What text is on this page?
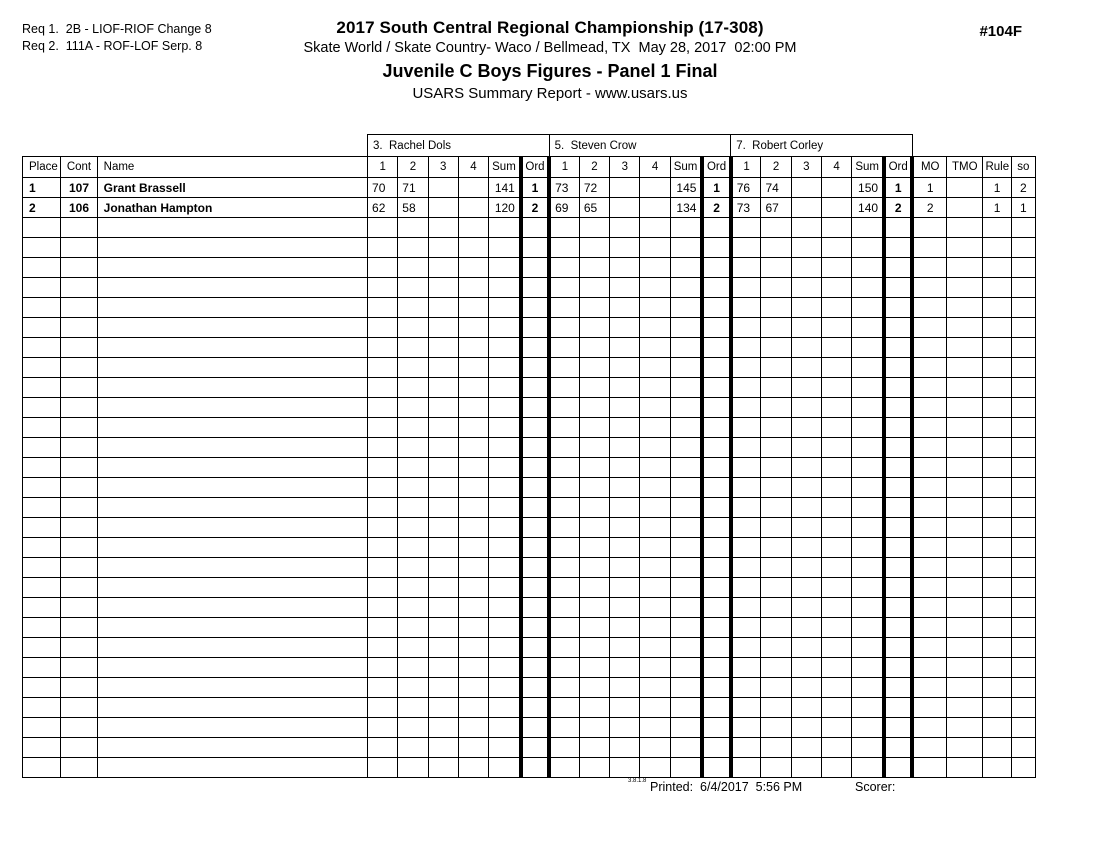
Req 1.  2B - LIOF-RIOF Change 8
Req 2.  111A - ROF-LOF Serp. 8
2017 South Central Regional Championship (17-308)
Skate World / Skate Country- Waco / Bellmead, TX  May 28, 2017  02:00 PM
Juvenile C Boys Figures - Panel 1 Final
USARS Summary Report - www.usars.us
#104F
			3.  Rachel Dols						5.  Steven Crow						7.  Robert Corley									
Place	Cont	Name	1	2	3	4	Sum	Ord	1	2	3	4	Sum	Ord	1	2	3	4	Sum	Ord	MO	TMO	Rule	so
1	107	Grant Brassell	70	71			141	1	73	72			145	1	76	74			150	1	1		1	2
2	106	Jonathan Hampton	62	58			120	2	69	65			134	2	73	67			140	2	2		1	1

3.8.1.8 Printed:  6/4/2017  5:56 PM	Scorer:
